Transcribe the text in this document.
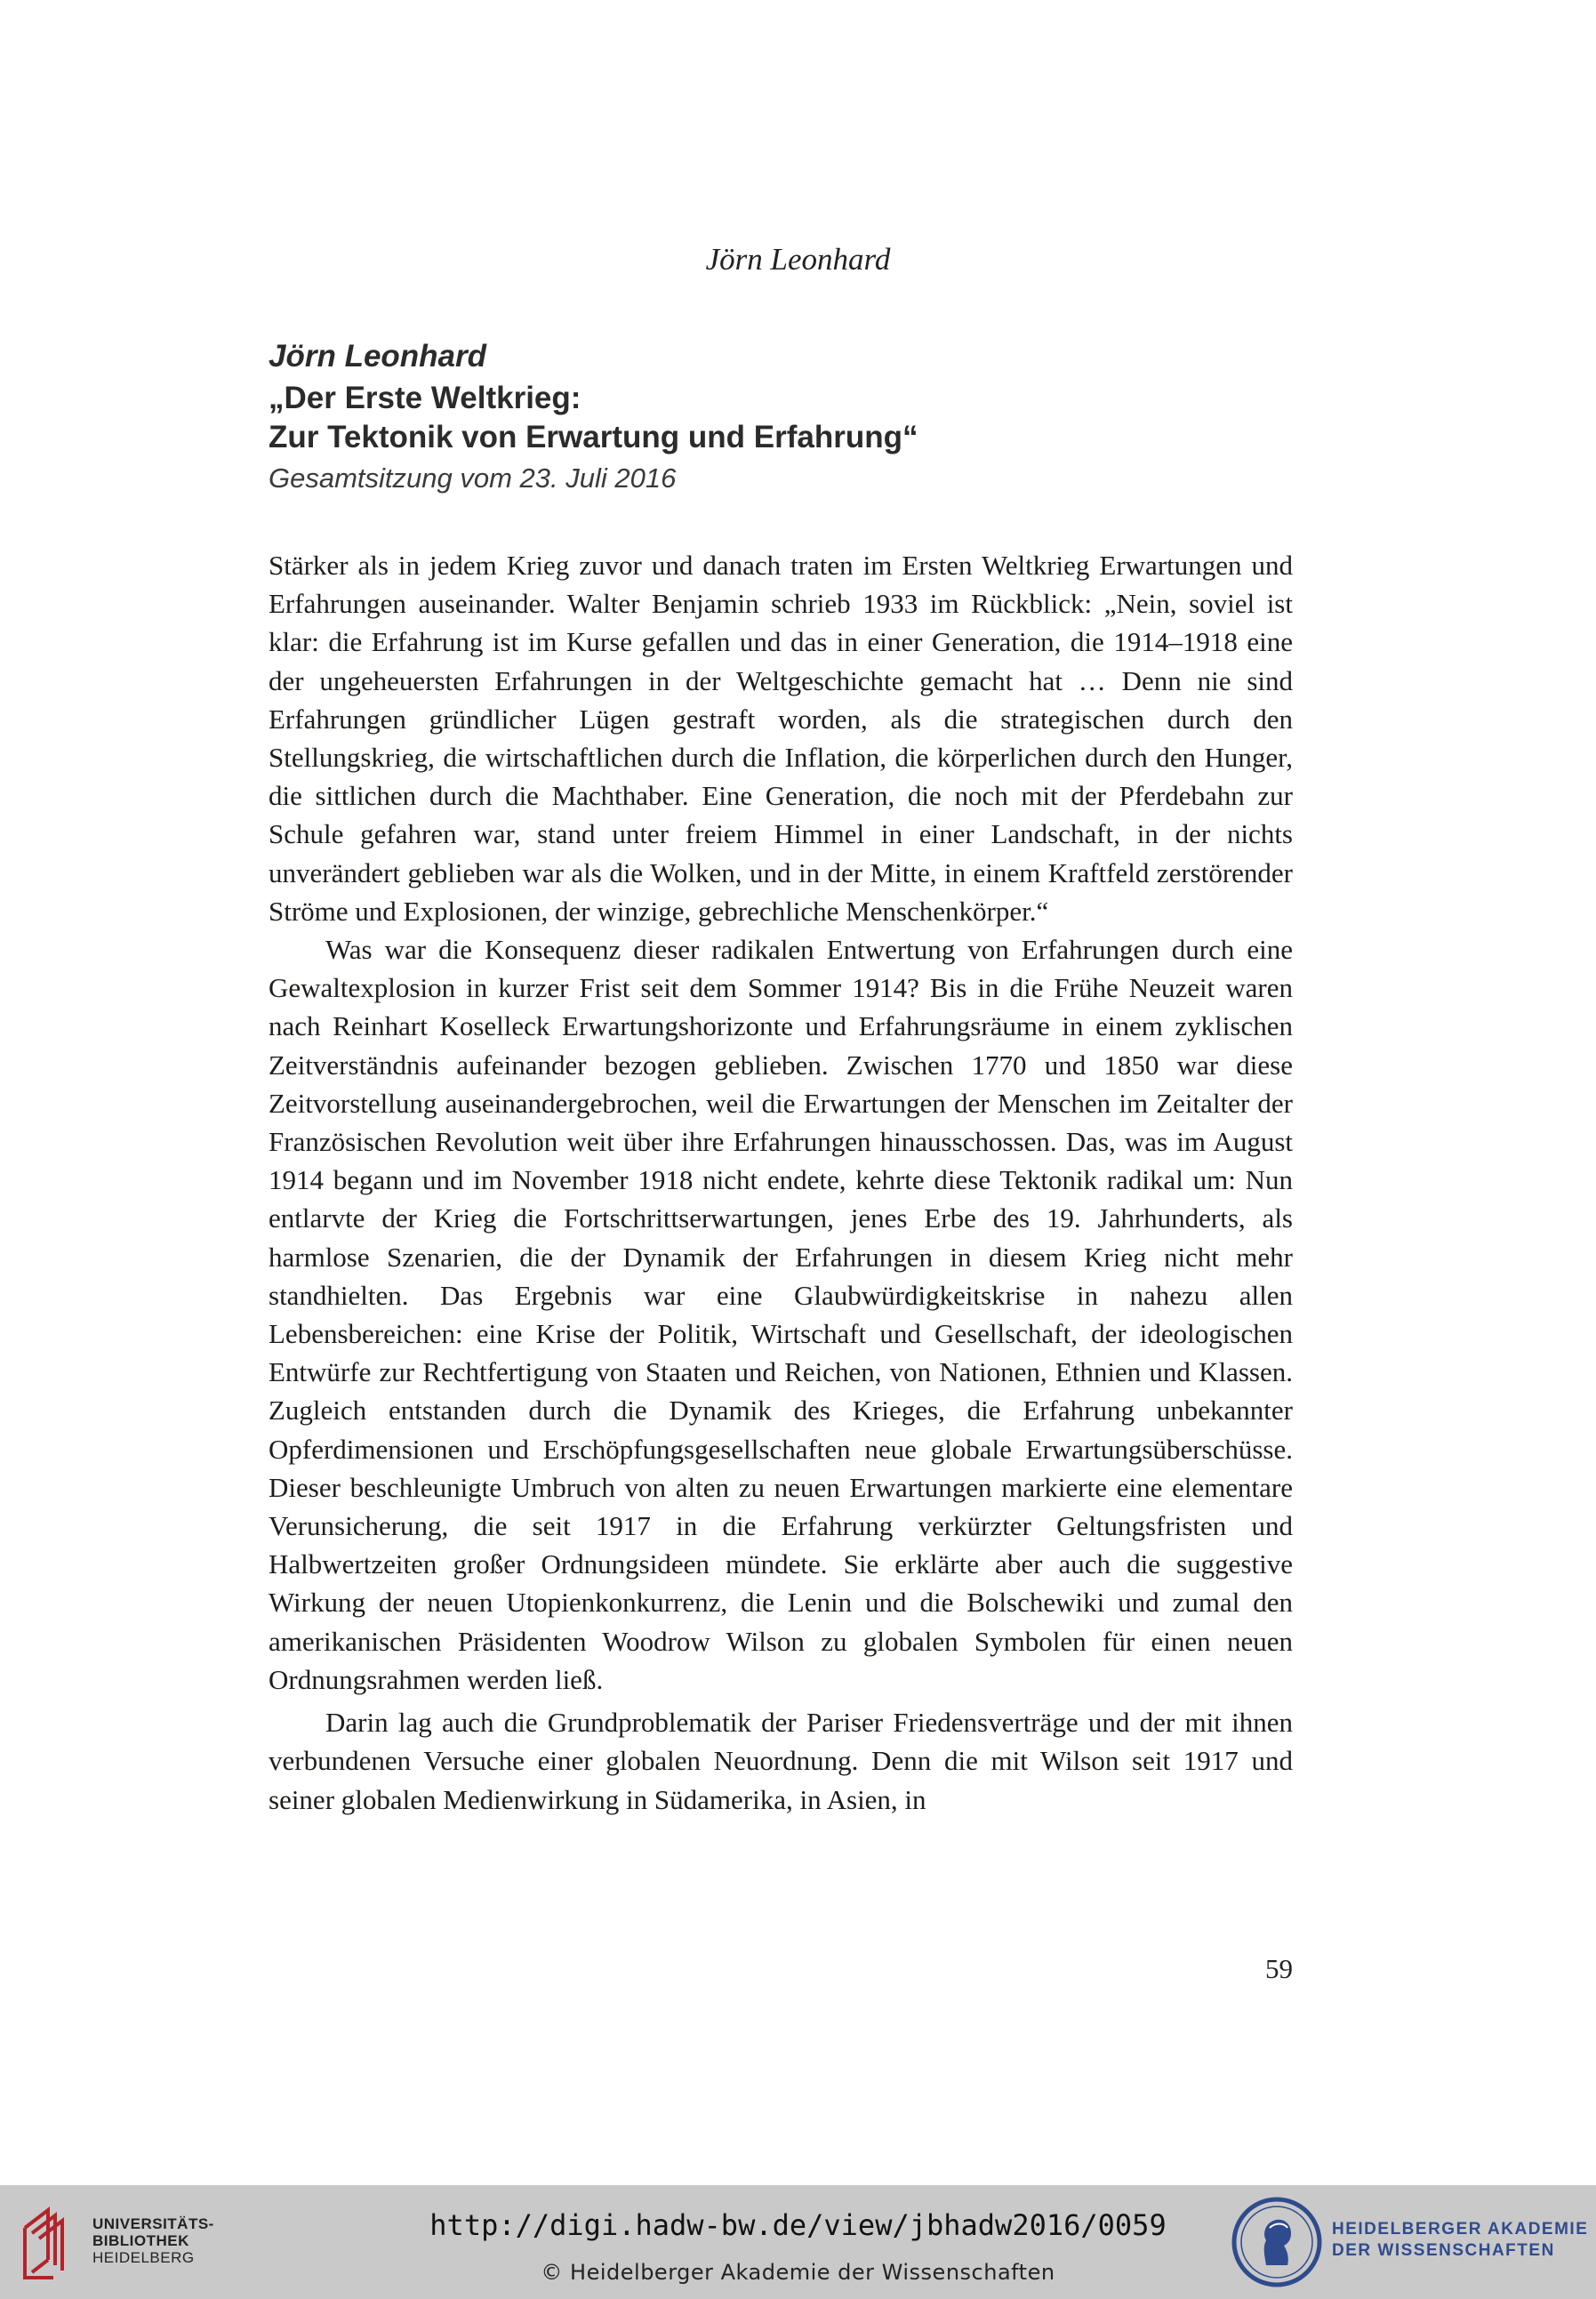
Jörn Leonhard
Jörn Leonhard
„Der Erste Weltkrieg:
Zur Tektonik von Erwartung und Erfahrung“
Gesamtsitzung vom 23. Juli 2016

Stärker als in jedem Krieg zuvor und danach traten im Ersten Weltkrieg Erwartungen und Erfahrungen auseinander. Walter Benjamin schrieb 1933 im Rückblick: „Nein, soviel ist klar: die Erfahrung ist im Kurse gefallen und das in einer Generation, die 1914–1918 eine der ungeheuersten Erfahrungen in der Weltgeschichte gemacht hat … Denn nie sind Erfahrungen gründlicher Lügen gestraft worden, als die strategischen durch den Stellungskrieg, die wirtschaftlichen durch die Inflation, die körperlichen durch den Hunger, die sittlichen durch die Machthaber. Eine Generation, die noch mit der Pferdebahn zur Schule gefahren war, stand unter freiem Himmel in einer Landschaft, in der nichts unverändert geblieben war als die Wolken, und in der Mitte, in einem Kraftfeld zerstörender Ströme und Explosionen, der winzige, gebrechliche Menschenkörper.“

Was war die Konsequenz dieser radikalen Entwertung von Erfahrungen durch eine Gewaltexplosion in kurzer Frist seit dem Sommer 1914? Bis in die Frühe Neuzeit waren nach Reinhart Koselleck Erwartungshorizonte und Erfahrungsräume in einem zyklischen Zeitverständnis aufeinander bezogen geblieben. Zwischen 1770 und 1850 war diese Zeitvorstellung auseinandergebrochen, weil die Erwartungen der Menschen im Zeitalter der Französischen Revolution weit über ihre Erfahrungen hinausschossen. Das, was im August 1914 begann und im November 1918 nicht endete, kehrte diese Tektonik radikal um: Nun entlarvte der Krieg die Fortschrittserwartungen, jenes Erbe des 19. Jahrhunderts, als harmlose Szenarien, die der Dynamik der Erfahrungen in diesem Krieg nicht mehr standhielten. Das Ergebnis war eine Glaubwürdigkeitskrise in nahezu allen Lebensbereichen: eine Krise der Politik, Wirtschaft und Gesellschaft, der ideologischen Entwürfe zur Rechtfertigung von Staaten und Reichen, von Nationen, Ethnien und Klassen. Zugleich entstanden durch die Dynamik des Krieges, die Erfahrung unbekannter Opferdimensionen und Erschöpfungsgesellschaften neue globale Erwartungsüberschüsse. Dieser beschleunigte Umbruch von alten zu neuen Erwartungen markierte eine elementare Verunsicherung, die seit 1917 in die Erfahrung verkürzter Geltungsfristen und Halbwertzeiten großer Ordnungsideen mündete. Sie erklärte aber auch die suggestive Wirkung der neuen Utopienkonkurrenz, die Lenin und die Bolschewiki und zumal den amerikanischen Präsidenten Woodrow Wilson zu globalen Symbolen für einen neuen Ordnungsrahmen werden ließ.

Darin lag auch die Grundproblematik der Pariser Friedensverträge und der mit ihnen verbundenen Versuche einer globalen Neuordnung. Denn die mit Wilson seit 1917 und seiner globalen Medienwirkung in Südamerika, in Asien, in

59
UNIVERSITÄTS-
BIBLIOTHEK
HEIDELBERG
http://digi.hadw-bw.de/view/jbhadw2016/0059
© Heidelberger Akademie der Wissenschaften
HEIDELBERGER AKADEMIE
DER WISSENSCHAFTEN
